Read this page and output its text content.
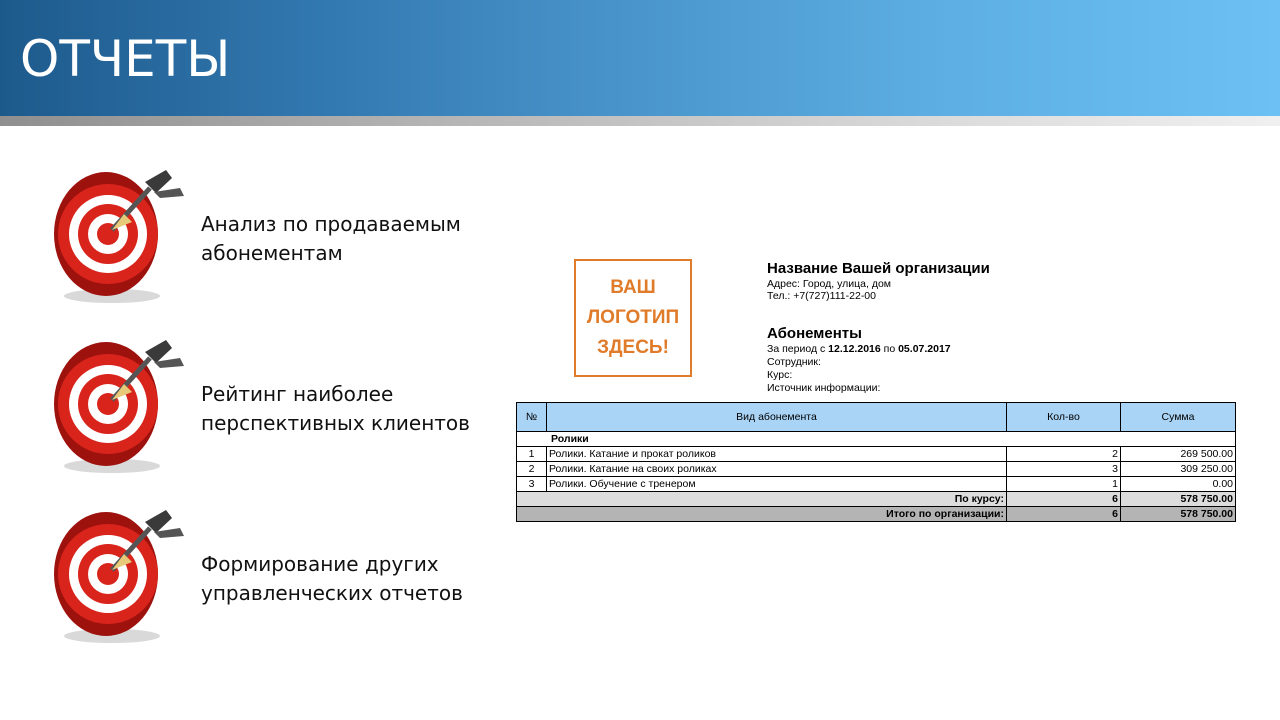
ОТЧЕТЫ
Анализ по продаваемым
абонементам
Рейтинг наиболее
перспективных клиентов
Формирование других
управленческих отчетов
ВАШ
ЛОГОТИП
ЗДЕСЬ!
Название Вашей организации
Адрес: Город, улица, дом
Тел.: +7(727)111-22-00
Абонементы
За период с 12.12.2016 по 05.07.2017
Сотрудник:
Курс:
Источник информации:
№	Вид абонемента	Кол-во	Сумма
Ролики			
1	Ролики. Катание и прокат роликов	2	269 500.00
2	Ролики. Катание на своих роликах	3	309 250.00
3	Ролики. Обучение с тренером	1	0.00
По курсу:		6	578 750.00
Итого по организации:		6	578 750.00
